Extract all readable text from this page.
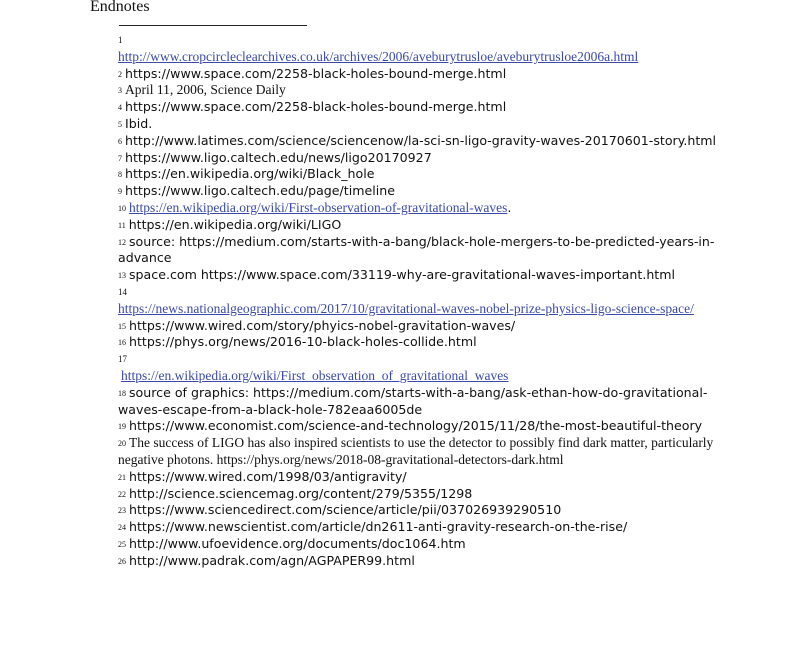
Endnotes
1
http://www.cropcircleclearchives.co.uk/archives/2006/aveburytrusloe/aveburytrusloe2006a.html
$^2$ https://www.space.com/2258-black-holes-bound-merge.html
$^3$ April 11, 2006, Science Daily
$^4$ https://www.space.com/2258-black-holes-bound-merge.html
$^5$ Ibid.
$^6$ http://www.latimes.com/science/sciencenow/la-sci-sn-ligo-gravity-waves-20170601-story.html
$^7$ https://www.ligo.caltech.edu/news/ligo20170927
$^8$ https://en.wikipedia.org/wiki/Black_hole
$^9$ https://www.ligo.caltech.edu/page/timeline
$^{10}$ https://en.wikipedia.org/wiki/First-observation-of-gravitational-waves.
$^{11}$ https://en.wikipedia.org/wiki/LIGO
$^{12}$ source: https://medium.com/starts-with-a-bang/black-hole-mergers-to-be-predicted-years-in-advance
$^{13}$ space.com https://www.space.com/33119-why-are-gravitational-waves-important.html
14
https://news.nationalgeographic.com/2017/10/gravitational-waves-nobel-prize-physics-ligo-science-space/
$^{15}$ https://www.wired.com/story/phyics-nobel-gravitation-waves/
$^{16}$ https://phys.org/news/2016-10-black-holes-collide.html
17
https://en.wikipedia.org/wiki/First_observation_of_gravitational_waves
$^{18}$ source of graphics: https://medium.com/starts-with-a-bang/ask-ethan-how-do-gravitational-waves-escape-from-a-black-hole-782eaa6005de
$^{19}$ https://www.economist.com/science-and-technology/2015/11/28/the-most-beautiful-theory
$^{20}$ The success of LIGO has also inspired scientists to use the detector to possibly find dark matter, particularly negative photons. https://phys.org/news/2018-08-gravitational-detectors-dark.html
$^{21}$ https://www.wired.com/1998/03/antigravity/
$^{22}$ http://science.sciencemag.org/content/279/5355/1298
$^{23}$ https://www.sciencedirect.com/science/article/pii/037026939290510
$^{24}$ https://www.newscientist.com/article/dn2611-anti-gravity-research-on-the-rise/
$^{25}$ http://www.ufoevidence.org/documents/doc1064.htm
$^{26}$ http://www.padrak.com/agn/AGPAPER99.html
